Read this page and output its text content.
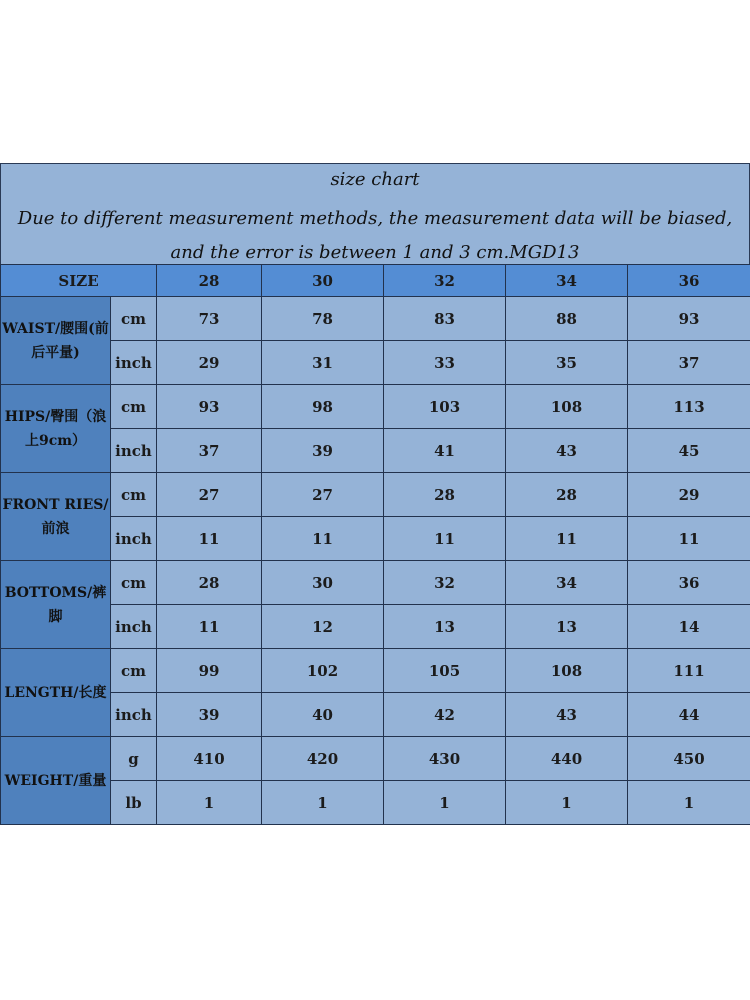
size chart
Due to different measurement methods, the measurement data will be biased, and the error is between 1 and 3 cm.MGD13
SIZE		28	30	32	34	36
WAIST/腰围(前后平量)	cm	73	78	83	88	93
	inch	29	31	33	35	37
HIPS/臀围（浪上9cm）	cm	93	98	103	108	113
	inch	37	39	41	43	45
FRONT RIES/前浪	cm	27	27	28	28	29
	inch	11	11	11	11	11
BOTTOMS/裤脚	cm	28	30	32	34	36
	inch	11	12	13	13	14
LENGTH/长度	cm	99	102	105	108	111
	inch	39	40	42	43	44
WEIGHT/重量	g	410	420	430	440	450
	lb	1	1	1	1	1
